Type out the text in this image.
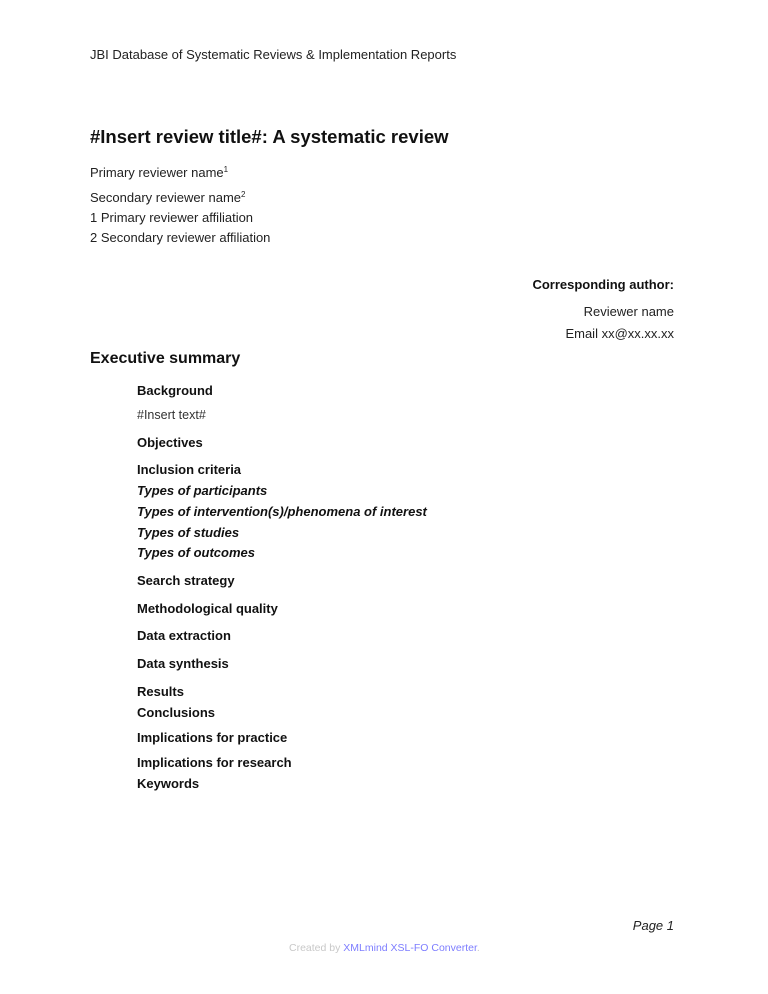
JBI Database of Systematic Reviews & Implementation Reports
#Insert review title#: A systematic review
Primary reviewer name$^1$
Secondary reviewer name$^2$
1 Primary reviewer affiliation
2 Secondary reviewer affiliation
Corresponding author:
Reviewer name
Email xx@xx.xx.xx
Executive summary
Background
#Insert text#
Objectives
Inclusion criteria
Types of participants
Types of intervention(s)/phenomena of interest
Types of studies
Types of outcomes
Search strategy
Methodological quality
Data extraction
Data synthesis
Results
Conclusions
Implications for practice
Implications for research
Keywords
Page 1
Created by XMLmind XSL-FO Converter.
